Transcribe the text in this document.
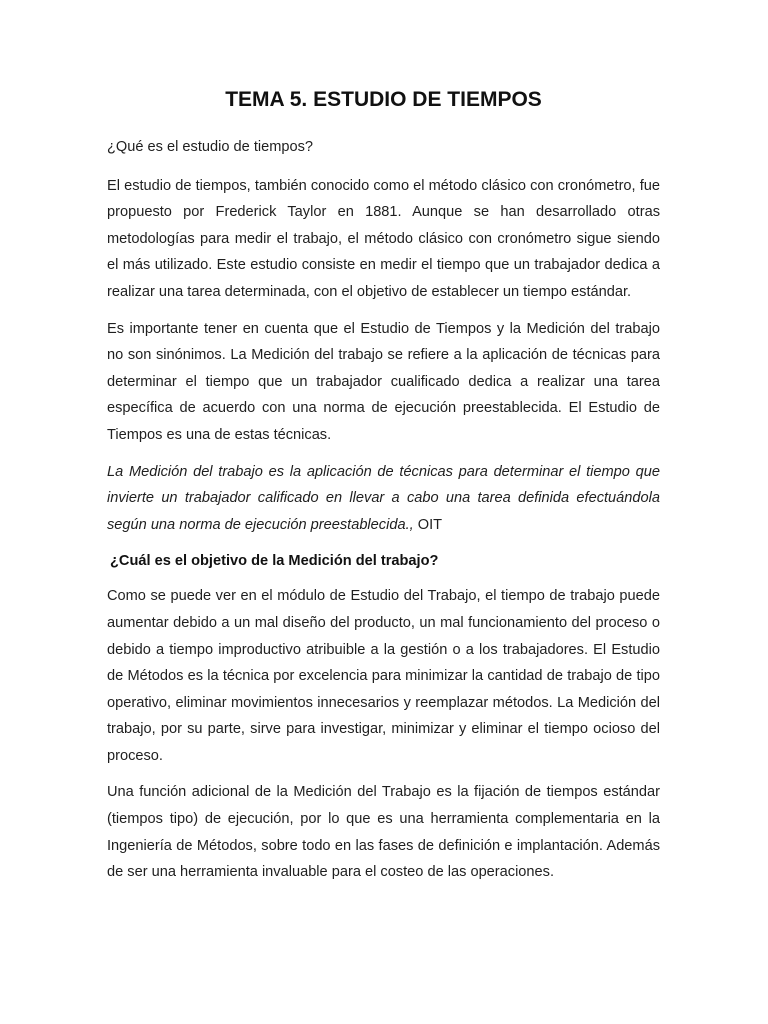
TEMA 5. ESTUDIO DE TIEMPOS

¿Qué es el estudio de tiempos?

El estudio de tiempos, también conocido como el método clásico con cronómetro, fue propuesto por Frederick Taylor en 1881. Aunque se han desarrollado otras metodologías para medir el trabajo, el método clásico con cronómetro sigue siendo el más utilizado. Este estudio consiste en medir el tiempo que un trabajador dedica a realizar una tarea determinada, con el objetivo de establecer un tiempo estándar.

Es importante tener en cuenta que el Estudio de Tiempos y la Medición del trabajo no son sinónimos. La Medición del trabajo se refiere a la aplicación de técnicas para determinar el tiempo que un trabajador cualificado dedica a realizar una tarea específica de acuerdo con una norma de ejecución preestablecida. El Estudio de Tiempos es una de estas técnicas.

La Medición del trabajo es la aplicación de técnicas para determinar el tiempo que invierte un trabajador calificado en llevar a cabo una tarea definida efectuándola según una norma de ejecución preestablecida., OIT

¿Cuál es el objetivo de la Medición del trabajo?

Como se puede ver en el módulo de Estudio del Trabajo, el tiempo de trabajo puede aumentar debido a un mal diseño del producto, un mal funcionamiento del proceso o debido a tiempo improductivo atribuible a la gestión o a los trabajadores. El Estudio de Métodos es la técnica por excelencia para minimizar la cantidad de trabajo de tipo operativo, eliminar movimientos innecesarios y reemplazar métodos. La Medición del trabajo, por su parte, sirve para investigar, minimizar y eliminar el tiempo ocioso del proceso.

Una función adicional de la Medición del Trabajo es la fijación de tiempos estándar (tiempos tipo) de ejecución, por lo que es una herramienta complementaria en la Ingeniería de Métodos, sobre todo en las fases de definición e implantación. Además de ser una herramienta invaluable para el costeo de las operaciones.
